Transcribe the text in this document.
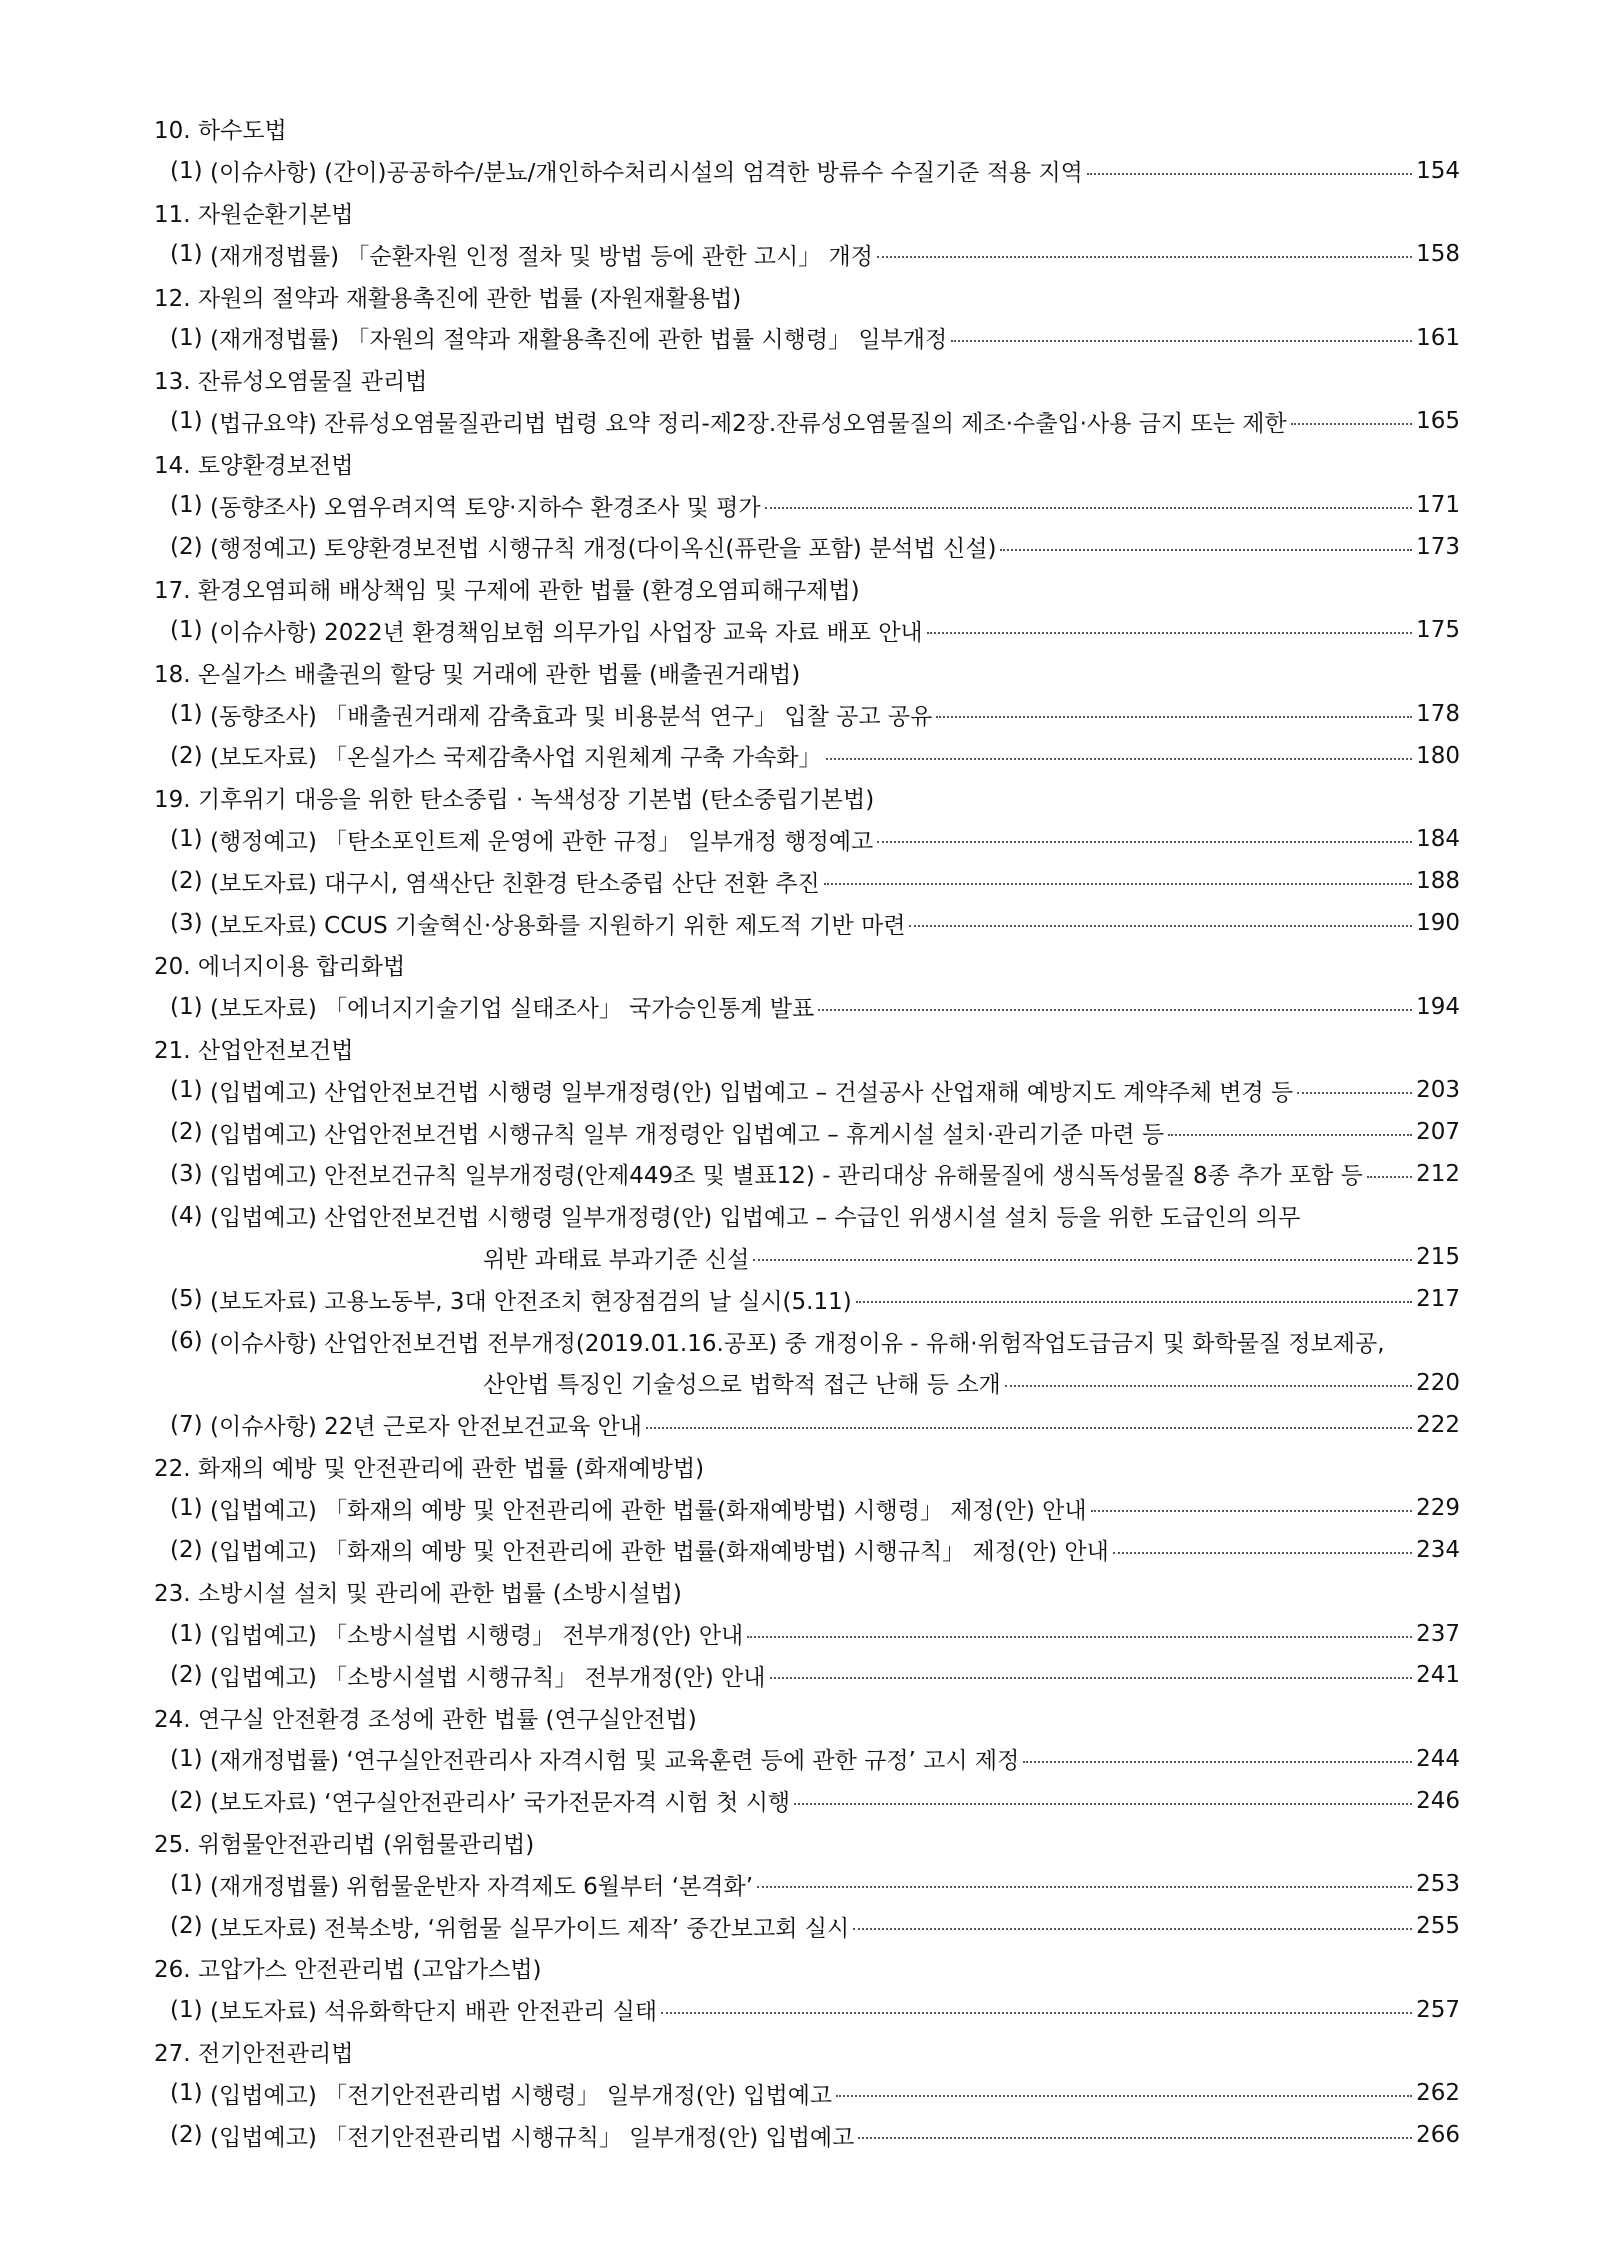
10. 하수도법
(1) (이슈사항) (간이)공공하수/분뇨/개인하수처리시설의 엄격한 방류수 수질기준 적용 지역	154
11. 자원순환기본법
(1) (재개정법률) 「순환자원 인정 절차 및 방법 등에 관한 고시」 개정	158
12. 자원의 절약과 재활용촉진에 관한 법률 (자원재활용법)
(1) (재개정법률) 「자원의 절약과 재활용촉진에 관한 법률 시행령」 일부개정	161
13. 잔류성오염물질 관리법
(1) (법규요약) 잔류성오염물질관리법 법령 요약 정리-제2장.잔류성오염물질의 제조·수출입·사용 금지 또는 제한	165
14. 토양환경보전법
(1) (동향조사) 오염우려지역 토양·지하수 환경조사 및 평가	171
(2) (행정예고) 토양환경보전법 시행규칙 개정(다이옥신(퓨란을 포함) 분석법 신설)	173
17. 환경오염피해 배상책임 및 구제에 관한 법률 (환경오염피해구제법)
(1) (이슈사항) 2022년 환경책임보험 의무가입 사업장 교육 자료 배포 안내	175
18. 온실가스 배출권의 할당 및 거래에 관한 법률 (배출권거래법)
(1) (동향조사) 「배출권거래제 감축효과 및 비용분석 연구」 입찰 공고 공유	178
(2) (보도자료) 「온실가스 국제감축사업 지원체계 구축 가속화」	180
19. 기후위기 대응을 위한 탄소중립 · 녹색성장 기본법 (탄소중립기본법)
(1) (행정예고) 「탄소포인트제 운영에 관한 규정」 일부개정 행정예고	184
(2) (보도자료) 대구시, 염색산단 친환경 탄소중립 산단 전환 추진	188
(3) (보도자료) CCUS 기술혁신·상용화를 지원하기 위한 제도적 기반 마련	190
20. 에너지이용 합리화법
(1) (보도자료) 「에너지기술기업 실태조사」 국가승인통계 발표	194
21. 산업안전보건법
(1) (입법예고) 산업안전보건법 시행령 일부개정령(안) 입법예고 – 건설공사 산업재해 예방지도 계약주체 변경 등	203
(2) (입법예고) 산업안전보건법 시행규칙 일부 개정령안 입법예고 – 휴게시설 설치·관리기준 마련 등	207
(3) (입법예고) 안전보건규칙 일부개정령(안제449조 및 별표12) - 관리대상 유해물질에 생식독성물질 8종 추가 포함 등 212
(4) (입법예고) 산업안전보건법 시행령 일부개정령(안) 입법예고 – 수급인 위생시설 설치 등을 위한 도급인의 의무
위반 과태료 부과기준 신설	215
(5) (보도자료) 고용노동부, 3대 안전조치 현장점검의 날 실시(5.11)	217
(6) (이슈사항) 산업안전보건법 전부개정(2019.01.16.공포) 중 개정이유 - 유해·위험작업도급금지 및 화학물질 정보제공,
산안법 특징인 기술성으로 법학적 접근 난해 등 소개	220
(7) (이슈사항) 22년 근로자 안전보건교육 안내	222
22. 화재의 예방 및 안전관리에 관한 법률 (화재예방법)
(1) (입법예고) 「화재의 예방 및 안전관리에 관한 법률(화재예방법) 시행령」 제정(안) 안내	229
(2) (입법예고) 「화재의 예방 및 안전관리에 관한 법률(화재예방법) 시행규칙」 제정(안) 안내	234
23. 소방시설 설치 및 관리에 관한 법률 (소방시설법)
(1) (입법예고) 「소방시설법 시행령」 전부개정(안) 안내	237
(2) (입법예고) 「소방시설법 시행규칙」 전부개정(안) 안내	241
24. 연구실 안전환경 조성에 관한 법률 (연구실안전법)
(1) (재개정법률) ‘연구실안전관리사 자격시험 및 교육훈련 등에 관한 규정’ 고시 제정	244
(2) (보도자료) ‘연구실안전관리사’ 국가전문자격 시험 첫 시행	246
25. 위험물안전관리법 (위험물관리법)
(1) (재개정법률) 위험물운반자 자격제도 6월부터 ‘본격화’	253
(2) (보도자료) 전북소방, ‘위험물 실무가이드 제작’ 중간보고회 실시	255
26. 고압가스 안전관리법 (고압가스법)
(1) (보도자료) 석유화학단지 배관 안전관리 실태	257
27. 전기안전관리법
(1) (입법예고) 「전기안전관리법 시행령」 일부개정(안) 입법예고	262
(2) (입법예고) 「전기안전관리법 시행규칙」 일부개정(안) 입법예고	266
